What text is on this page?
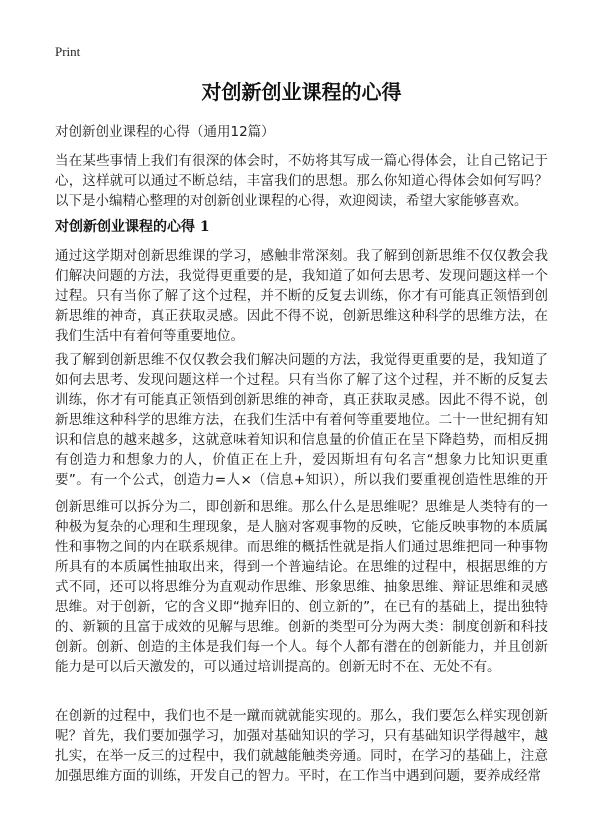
Print
对创新创业课程的心得
对创新创业课程的心得（通用12篇）
当在某些事情上我们有很深的体会时，不妨将其写成一篇心得体会，让自己铭记于心，这样就可以通过不断总结，丰富我们的思想。那么你知道心得体会如何写吗？以下是小编精心整理的对创新创业课程的心得，欢迎阅读，希望大家能够喜欢。
对创新创业课程的心得 1
通过这学期对创新思维课的学习，感触非常深刻。我了解到创新思维不仅仅教会我们解决问题的方法，我觉得更重要的是，我知道了如何去思考、发现问题这样一个过程。只有当你了解了这个过程，并不断的反复去训练，你才有可能真正领悟到创新思维的神奇，真正获取灵感。因此不得不说，创新思维这种科学的思维方法，在我们生活中有着何等重要地位。
我了解到创新思维不仅仅教会我们解决问题的方法，我觉得更重要的是，我知道了如何去思考、发现问题这样一个过程。只有当你了解了这个过程，并不断的反复去训练，你才有可能真正领悟到创新思维的神奇，真正获取灵感。因此不得不说，创新思维这种科学的思维方法，在我们生活中有着何等重要地位。二十一世纪拥有知识和信息的越来越多，这就意味着知识和信息量的价值正在呈下降趋势，而相反拥有创造力和想象力的人，价值正在上升，爱因斯坦有句名言“想象力比知识更重要”。有一个公式，创造力=人×（信息+知识），所以我们要重视创造性思维的开
创新思维可以拆分为二，即创新和思维。那么什么是思维呢？思维是人类特有的一种极为复杂的心理和生理现象，是人脑对客观事物的反映，它能反映事物的本质属性和事物之间的内在联系规律。而思维的概括性就是指人们通过思维把同一种事物所具有的本质属性抽取出来，得到一个普遍结论。在思维的过程中，根据思维的方式不同，还可以将思维分为直观动作思维、形象思维、抽象思维、辩证思维和灵感思维。对于创新，它的含义即“抛弃旧的、创立新的”，在已有的基础上，提出独特的、新颖的且富于成效的见解与思维。创新的类型可分为两大类：制度创新和科技创新。创新、创造的主体是我们每一个人。每个人都有潜在的创新能力，并且创新能力是可以后天激发的，可以通过培训提高的。创新无时不在、无处不有。
在创新的过程中，我们也不是一蹴而就就能实现的。那么，我们要怎么样实现创新呢？首先，我们要加强学习，加强对基础知识的学习，只有基础知识学得越牢，越扎实，在举一反三的过程中，我们就越能触类旁通。同时，在学习的基础上，注意加强思维方面的训练，开发自己的智力。平时，在工作当中遇到问题，要养成经常
